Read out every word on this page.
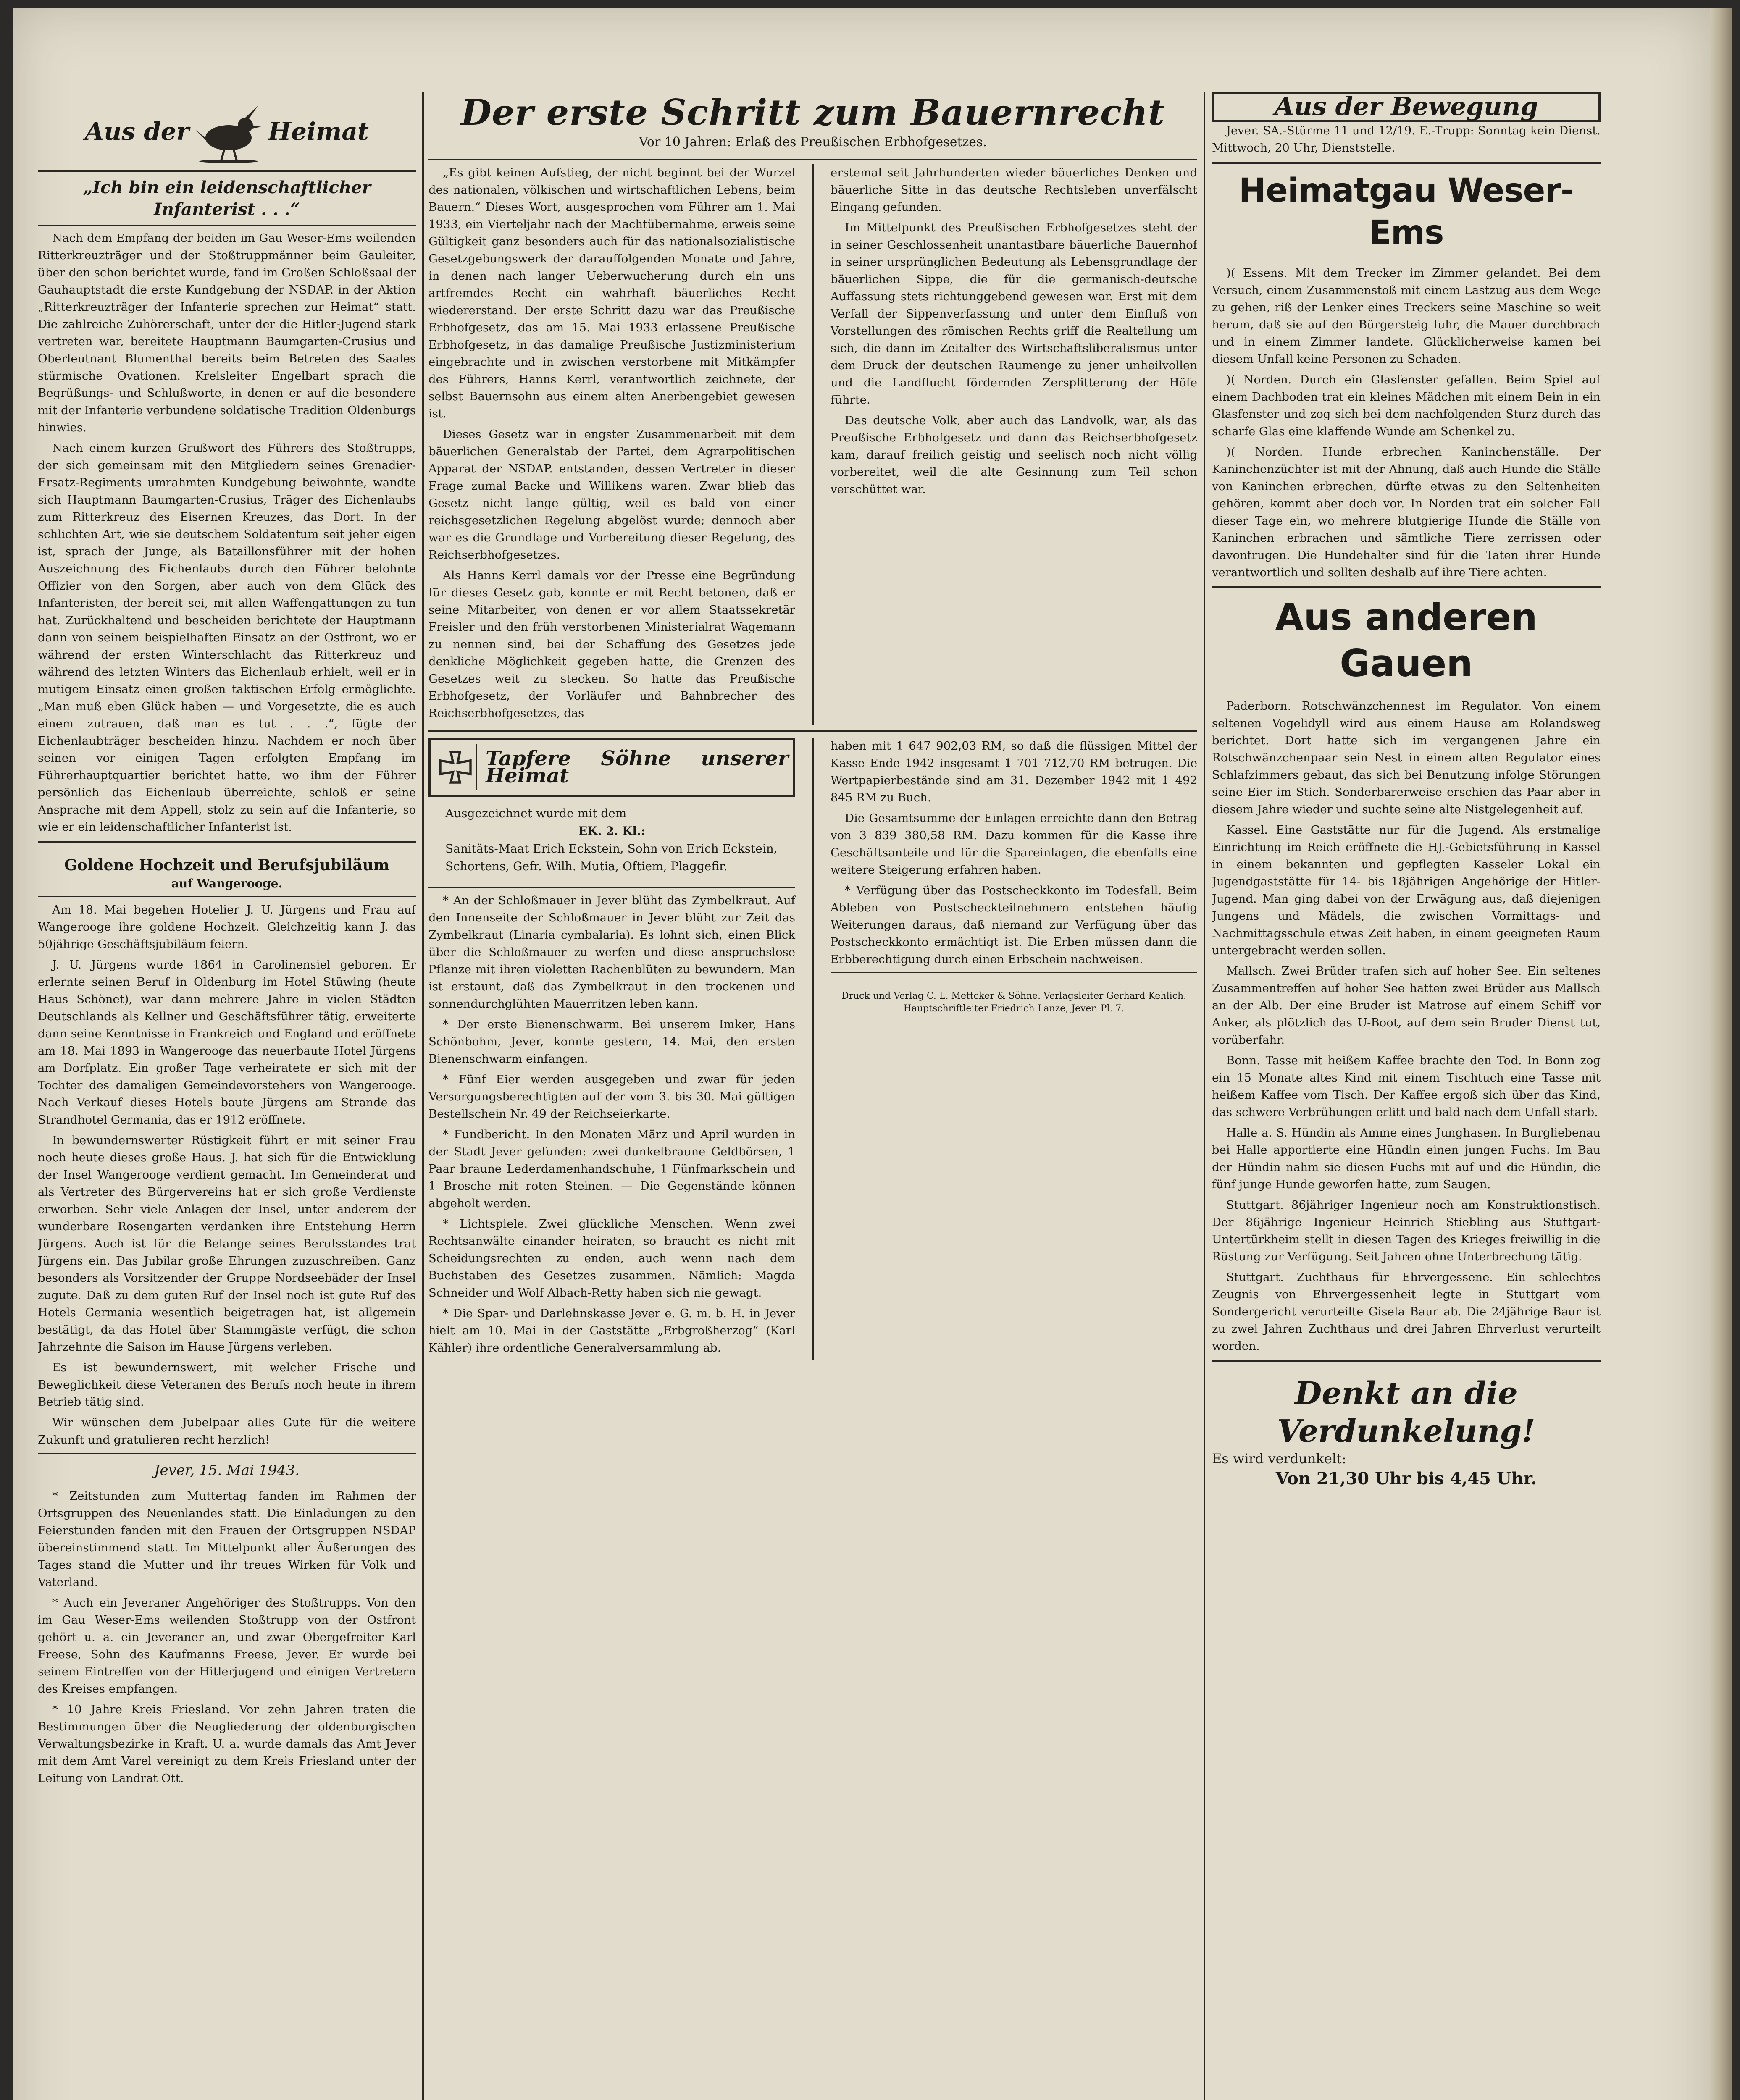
Aus der	Heimat
„Ich bin ein leidenschaftlicher Infanterist . . .“

Nach dem Empfang der beiden im Gau Weser-Ems weilenden Ritterkreuzträger und der Stoßtruppmänner beim Gauleiter, über den schon berichtet wurde, fand im Großen Schloßsaal der Gauhauptstadt die erste Kundgebung der NSDAP. in der Aktion „Ritterkreuzträger der Infanterie sprechen zur Heimat“ statt. Die zahlreiche Zuhörerschaft, unter der die Hitler-Jugend stark vertreten war, bereitete Hauptmann Baumgarten-Crusius und Oberleutnant Blumenthal bereits beim Betreten des Saales stürmische Ovationen. Kreisleiter Engelbart sprach die Begrüßungs- und Schlußworte, in denen er auf die besondere mit der Infanterie verbundene soldatische Tradition Oldenburgs hinwies.

Nach einem kurzen Grußwort des Führers des Stoßtrupps, der sich gemeinsam mit den Mitgliedern seines Grenadier-Ersatz-Regiments umrahmten Kundgebung beiwohnte, wandte sich Hauptmann Baumgarten-Crusius, Träger des Eichenlaubs zum Ritterkreuz des Eisernen Kreuzes, das Dort. In der schlichten Art, wie sie deutschem Soldatentum seit jeher eigen ist, sprach der Junge, als Bataillonsführer mit der hohen Auszeichnung des Eichenlaubs durch den Führer belohnte Offizier von den Sorgen, aber auch von dem Glück des Infanteristen, der bereit sei, mit allen Waffengattungen zu tun hat. Zurückhaltend und bescheiden berichtete der Hauptmann dann von seinem beispielhaften Einsatz an der Ostfront, wo er während der ersten Winterschlacht das Ritterkreuz und während des letzten Winters das Eichenlaub erhielt, weil er in mutigem Einsatz einen großen taktischen Erfolg ermöglichte. „Man muß eben Glück haben — und Vorgesetzte, die es auch einem zutrauen, daß man es tut . . .“, fügte der Eichenlaubträger bescheiden hinzu. Nachdem er noch über seinen vor einigen Tagen erfolgten Empfang im Führerhauptquartier berichtet hatte, wo ihm der Führer persönlich das Eichenlaub überreichte, schloß er seine Ansprache mit dem Appell, stolz zu sein auf die Infanterie, so wie er ein leidenschaftlicher Infanterist ist.

Goldene Hochzeit und Berufsjubiläum
auf Wangerooge.

Am 18. Mai begehen Hotelier J. U. Jürgens und Frau auf Wangerooge ihre goldene Hochzeit. Gleichzeitig kann J. das 50jährige Geschäftsjubiläum feiern.

J. U. Jürgens wurde 1864 in Carolinensiel geboren. Er erlernte seinen Beruf in Oldenburg im Hotel Stüwing (heute Haus Schönet), war dann mehrere Jahre in vielen Städten Deutschlands als Kellner und Geschäftsführer tätig, erweiterte dann seine Kenntnisse in Frankreich und England und eröffnete am 18. Mai 1893 in Wangerooge das neuerbaute Hotel Jürgens am Dorfplatz. Ein großer Tage verheiratete er sich mit der Tochter des damaligen Gemeindevorstehers von Wangerooge. Nach Verkauf dieses Hotels baute Jürgens am Strande das Strandhotel Germania, das er 1912 eröffnete.

In bewundernswerter Rüstigkeit führt er mit seiner Frau noch heute dieses große Haus. J. hat sich für die Entwicklung der Insel Wangerooge verdient gemacht. Im Gemeinderat und als Vertreter des Bürgervereins hat er sich große Verdienste erworben. Sehr viele Anlagen der Insel, unter anderem der wunderbare Rosengarten verdanken ihre Entstehung Herrn Jürgens. Auch ist für die Belange seines Berufsstandes trat Jürgens ein. Das Jubilar große Ehrungen zuzuschreiben. Ganz besonders als Vorsitzender der Gruppe Nordseebäder der Insel zugute. Daß zu dem guten Ruf der Insel noch ist gute Ruf des Hotels Germania wesentlich beigetragen hat, ist allgemein bestätigt, da das Hotel über Stammgäste verfügt, die schon Jahrzehnte die Saison im Hause Jürgens verleben.

Es ist bewundernswert, mit welcher Frische und Beweglichkeit diese Veteranen des Berufs noch heute in ihrem Betrieb tätig sind.

Wir wünschen dem Jubelpaar alles Gute für die weitere Zukunft und gratulieren recht herzlich!

Jever, 15. Mai 1943.

* Zeitstunden zum Muttertag fanden im Rahmen der Ortsgruppen des Neuenlandes statt. Die Einladungen zu den Feierstunden fanden mit den Frauen der Ortsgruppen NSDAP übereinstimmend statt. Im Mittelpunkt aller Äußerungen des Tages stand die Mutter und ihr treues Wirken für Volk und Vaterland.

* Auch ein Jeveraner Angehöriger des Stoßtrupps. Von den im Gau Weser-Ems weilenden Stoßtrupp von der Ostfront gehört u. a. ein Jeveraner an, und zwar Obergefreiter Karl Freese, Sohn des Kaufmanns Freese, Jever. Er wurde bei seinem Eintreffen von der Hitlerjugend und einigen Vertretern des Kreises empfangen.

* 10 Jahre Kreis Friesland. Vor zehn Jahren traten die Bestimmungen über die Neugliederung der oldenburgischen Verwaltungsbezirke in Kraft. U. a. wurde damals das Amt Jever mit dem Amt Varel vereinigt zu dem Kreis Friesland unter der Leitung von Landrat Ott.

Der erste Schritt zum Bauernrecht
Vor 10 Jahren: Erlaß des Preußischen Erbhofgesetzes.

„Es gibt keinen Aufstieg, der nicht beginnt bei der Wurzel des nationalen, völkischen und wirtschaftlichen Lebens, beim Bauern.“ Dieses Wort, ausgesprochen vom Führer am 1. Mai 1933, ein Vierteljahr nach der Machtübernahme, erweis seine Gültigkeit ganz besonders auch für das nationalsozialistische Gesetzgebungswerk der darauffolgenden Monate und Jahre, in denen nach langer Ueberwucherung durch ein uns artfremdes Recht ein wahrhaft bäuerliches Recht wiedererstand. Der erste Schritt dazu war das Preußische Erbhofgesetz, das am 15. Mai 1933 erlassene Preußische Erbhofgesetz, in das damalige Preußische Justizministerium eingebrachte und in zwischen verstorbene mit Mitkämpfer des Führers, Hanns Kerrl, verantwortlich zeichnete, der selbst Bauernsohn aus einem alten Anerbengebiet gewesen ist.

Dieses Gesetz war in engster Zusammenarbeit mit dem bäuerlichen Generalstab der Partei, dem Agrarpolitischen Apparat der NSDAP. entstanden, dessen Vertreter in dieser Frage zumal Backe und Willikens waren. Zwar blieb das Gesetz nicht lange gültig, weil es bald von einer reichsgesetzlichen Regelung abgelöst wurde; dennoch aber war es die Grundlage und Vorbereitung dieser Regelung, des Reichserbhofgesetzes.

Als Hanns Kerrl damals vor der Presse eine Begründung für dieses Gesetz gab, konnte er mit Recht betonen, daß er seine Mitarbeiter, von denen er vor allem Staatssekretär Freisler und den früh verstorbenen Ministerialrat Wagemann zu nennen sind, bei der Schaffung des Gesetzes jede denkliche Möglichkeit gegeben hatte, die Grenzen des Gesetzes weit zu stecken. So hatte das Preußische Erbhofgesetz, der Vorläufer und Bahnbrecher des Reichserbhofgesetzes, das

erstemal seit Jahrhunderten wieder bäuerliches Denken und bäuerliche Sitte in das deutsche Rechtsleben unverfälscht Eingang gefunden.

Im Mittelpunkt des Preußischen Erbhofgesetzes steht der in seiner Geschlossenheit unantastbare bäuerliche Bauernhof in seiner ursprünglichen Bedeutung als Lebensgrundlage der bäuerlichen Sippe, die für die germanisch-deutsche Auffassung stets richtunggebend gewesen war. Erst mit dem Verfall der Sippenverfassung und unter dem Einfluß von Vorstellungen des römischen Rechts griff die Realteilung um sich, die dann im Zeitalter des Wirtschaftsliberalismus unter dem Druck der deutschen Raumenge zu jener unheilvollen und die Landflucht fördernden Zersplitterung der Höfe führte.

Das deutsche Volk, aber auch das Landvolk, war, als das Preußische Erbhofgesetz und dann das Reichserbhofgesetz kam, darauf freilich geistig und seelisch noch nicht völlig vorbereitet, weil die alte Gesinnung zum Teil schon verschüttet war.

Tapfere Söhne unserer Heimat
Ausgezeichnet wurde mit dem
EK. 2. Kl.:
Sanitäts-Maat Erich Eckstein, Sohn von Erich Eckstein, Schortens, Gefr. Wilh. Mutia, Oftiem, Plaggefir.

* An der Schloßmauer in Jever blüht das Zymbelkraut. Auf den Innenseite der Schloßmauer in Jever blüht zur Zeit das Zymbelkraut (Linaria cymbalaria). Es lohnt sich, einen Blick über die Schloßmauer zu werfen und diese anspruchslose Pflanze mit ihren violetten Rachenblüten zu bewundern. Man ist erstaunt, daß das Zymbelkraut in den trockenen und sonnendurchglühten Mauerritzen leben kann.

* Der erste Bienenschwarm. Bei unserem Imker, Hans Schönbohm, Jever, konnte gestern, 14. Mai, den ersten Bienenschwarm einfangen.

* Fünf Eier werden ausgegeben und zwar für jeden Versorgungsberechtigten auf der vom 3. bis 30. Mai gültigen Bestellschein Nr. 49 der Reichseierkarte.

* Fundbericht. In den Monaten März und April wurden in der Stadt Jever gefunden: zwei dunkelbraune Geldbörsen, 1 Paar braune Lederdamenhandschuhe, 1 Fünfmarkschein und 1 Brosche mit roten Steinen. — Die Gegenstände können abgeholt werden.

* Lichtspiele. Zwei glückliche Menschen. Wenn zwei Rechtsanwälte einander heiraten, so braucht es nicht mit Scheidungsrechten zu enden, auch wenn nach dem Buchstaben des Gesetzes zusammen. Nämlich: Magda Schneider und Wolf Albach-Retty haben sich nie gewagt.

* Die Spar- und Darlehnskasse Jever e. G. m. b. H. in Jever hielt am 10. Mai in der Gaststätte „Erbgroßherzog“ (Karl Kähler) ihre ordentliche Generalversammlung ab.

haben mit 1 647 902,03 RM, so daß die flüssigen Mittel der Kasse Ende 1942 insgesamt 1 701 712,70 RM betrugen. Die Wertpapierbestände sind am 31. Dezember 1942 mit 1 492 845 RM zu Buch.

Die Gesamtsumme der Einlagen erreichte dann den Betrag von 3 839 380,58 RM. Dazu kommen für die Kasse ihre Geschäftsanteile und für die Spareinlagen, die ebenfalls eine weitere Steigerung erfahren haben.

* Verfügung über das Postscheckkonto im Todesfall. Beim Ableben von Postscheckteilnehmern entstehen häufig Weiterungen daraus, daß niemand zur Verfügung über das Postscheckkonto ermächtigt ist. Die Erben müssen dann die Erbberechtigung durch einen Erbschein nachweisen.

Druck und Verlag C. L. Mettcker & Söhne. Verlagsleiter Gerhard Kehlich. Hauptschriftleiter Friedrich Lanze, Jever. Pl. 7.
Aus der Bewegung

Jever. SA.-Stürme 11 und 12/19. E.-Trupp: Sonntag kein Dienst. Mittwoch, 20 Uhr, Dienststelle.

Heimatgau Weser-Ems

)( Essens. Mit dem Trecker im Zimmer gelandet. Bei dem Versuch, einem Zusammenstoß mit einem Lastzug aus dem Wege zu gehen, riß der Lenker eines Treckers seine Maschine so weit herum, daß sie auf den Bürgersteig fuhr, die Mauer durchbrach und in einem Zimmer landete. Glücklicherweise kamen bei diesem Unfall keine Personen zu Schaden.

)( Norden. Durch ein Glasfenster gefallen. Beim Spiel auf einem Dachboden trat ein kleines Mädchen mit einem Bein in ein Glasfenster und zog sich bei dem nachfolgenden Sturz durch das scharfe Glas eine klaffende Wunde am Schenkel zu.

)( Norden. Hunde erbrechen Kaninchenställe. Der Kaninchenzüchter ist mit der Ahnung, daß auch Hunde die Ställe von Kaninchen erbrechen, dürfte etwas zu den Seltenheiten gehören, kommt aber doch vor. In Norden trat ein solcher Fall dieser Tage ein, wo mehrere blutgierige Hunde die Ställe von Kaninchen erbrachen und sämtliche Tiere zerrissen oder davontrugen. Die Hundehalter sind für die Taten ihrer Hunde verantwortlich und sollten deshalb auf ihre Tiere achten.

Aus anderen Gauen

Paderborn. Rotschwänzchennest im Regulator. Von einem seltenen Vogelidyll wird aus einem Hause am Rolandsweg berichtet. Dort hatte sich im vergangenen Jahre ein Rotschwänzchenpaar sein Nest in einem alten Regulator eines Schlafzimmers gebaut, das sich bei Benutzung infolge Störungen seine Eier im Stich. Sonderbarerweise erschien das Paar aber in diesem Jahre wieder und suchte seine alte Nistgelegenheit auf.

Kassel. Eine Gaststätte nur für die Jugend. Als erstmalige Einrichtung im Reich eröffnete die HJ.-Gebietsführung in Kassel in einem bekannten und gepflegten Kasseler Lokal ein Jugendgaststätte für 14- bis 18jährigen Angehörige der Hitler-Jugend. Man ging dabei von der Erwägung aus, daß diejenigen Jungens und Mädels, die zwischen Vormittags- und Nachmittagsschule etwas Zeit haben, in einem geeigneten Raum untergebracht werden sollen.

Mallsch. Zwei Brüder trafen sich auf hoher See. Ein seltenes Zusammentreffen auf hoher See hatten zwei Brüder aus Mallsch an der Alb. Der eine Bruder ist Matrose auf einem Schiff vor Anker, als plötzlich das U-Boot, auf dem sein Bruder Dienst tut, vorüberfahr.

Bonn. Tasse mit heißem Kaffee brachte den Tod. In Bonn zog ein 15 Monate altes Kind mit einem Tischtuch eine Tasse mit heißem Kaffee vom Tisch. Der Kaffee ergoß sich über das Kind, das schwere Verbrühungen erlitt und bald nach dem Unfall starb.

Halle a. S. Hündin als Amme eines Junghasen. In Burgliebenau bei Halle apportierte eine Hündin einen jungen Fuchs. Im Bau der Hündin nahm sie diesen Fuchs mit auf und die Hündin, die fünf junge Hunde geworfen hatte, zum Saugen.

Stuttgart. 86jähriger Ingenieur noch am Konstruktionstisch. Der 86jährige Ingenieur Heinrich Stiebling aus Stuttgart-Untertürkheim stellt in diesen Tagen des Krieges freiwillig in die Rüstung zur Verfügung. Seit Jahren ohne Unterbrechung tätig.

Stuttgart. Zuchthaus für Ehrvergessene. Ein schlechtes Zeugnis von Ehrvergessenheit legte in Stuttgart vom Sondergericht verurteilte Gisela Baur ab. Die 24jährige Baur ist zu zwei Jahren Zuchthaus und drei Jahren Ehrverlust verurteilt worden.

Denkt an die Verdunkelung!
Es wird verdunkelt:
Von 21,30 Uhr bis 4,45 Uhr.
